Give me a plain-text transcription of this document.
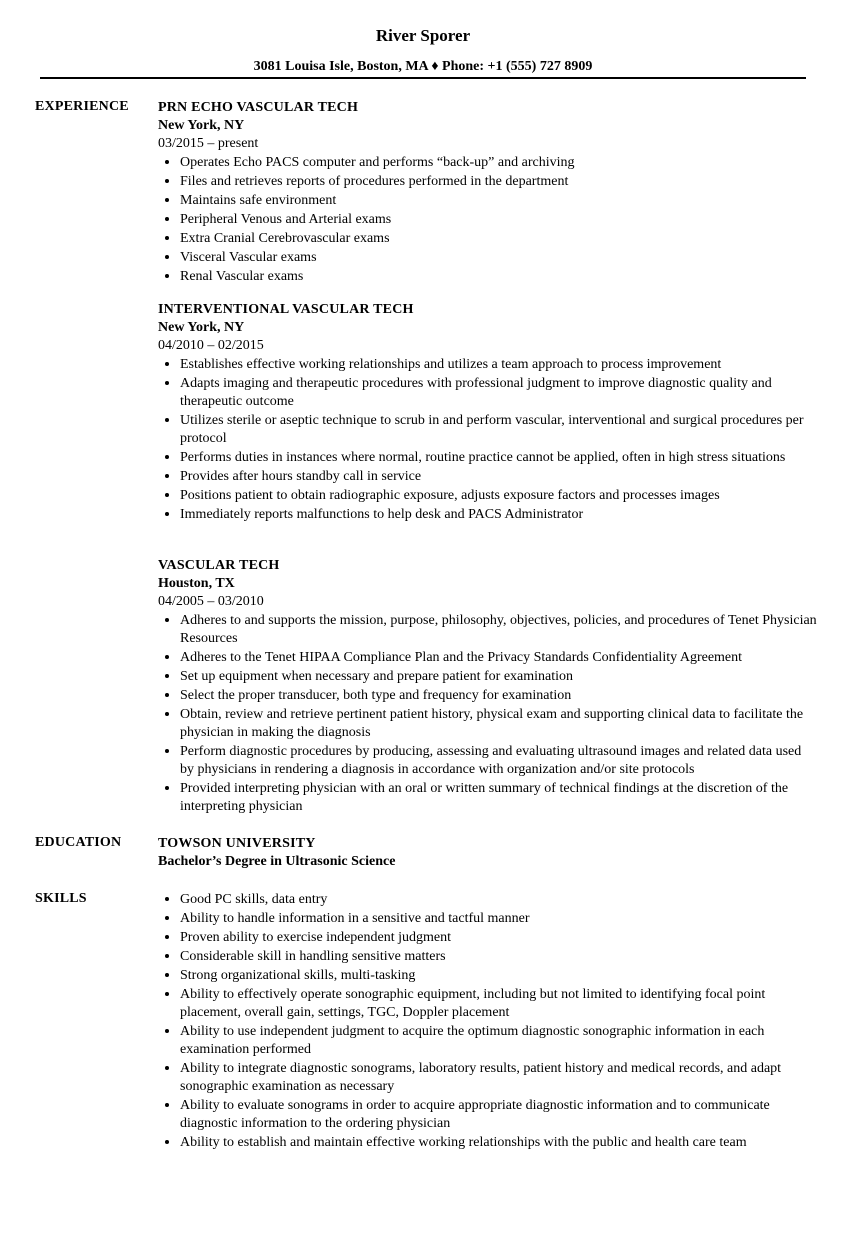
River Sporer
3081 Louisa Isle, Boston, MA ♦ Phone: +1 (555) 727 8909
EXPERIENCE PRN ECHO VASCULAR TECH
New York, NY
03/2015 – present
• Operates Echo PACS computer and performs “back-up” and archiving
• Files and retrieves reports of procedures performed in the department
• Maintains safe environment
• Peripheral Venous and Arterial exams
• Extra Cranial Cerebrovascular exams
• Visceral Vascular exams
• Renal Vascular exams
INTERVENTIONAL VASCULAR TECH
New York, NY
04/2010 – 02/2015
• Establishes effective working relationships and utilizes a team approach to process improvement
• Adapts imaging and therapeutic procedures with professional judgment to improve diagnostic quality and therapeutic outcome
• Utilizes sterile or aseptic technique to scrub in and perform vascular, interventional and surgical procedures per protocol
• Performs duties in instances where normal, routine practice cannot be applied, often in high stress situations
• Provides after hours standby call in service
• Positions patient to obtain radiographic exposure, adjusts exposure factors and processes images
• Immediately reports malfunctions to help desk and PACS Administrator
VASCULAR TECH
Houston, TX
04/2005 – 03/2010
• Adheres to and supports the mission, purpose, philosophy, objectives, policies, and procedures of Tenet Physician Resources
• Adheres to the Tenet HIPAA Compliance Plan and the Privacy Standards Confidentiality Agreement
• Set up equipment when necessary and prepare patient for examination
• Select the proper transducer, both type and frequency for examination
• Obtain, review and retrieve pertinent patient history, physical exam and supporting clinical data to facilitate the physician in making the diagnosis
• Perform diagnostic procedures by producing, assessing and evaluating ultrasound images and related data used by physicians in rendering a diagnosis in accordance with organization and/or site protocols
• Provided interpreting physician with an oral or written summary of technical findings at the discretion of the interpreting physician
EDUCATION	TOWSON UNIVERSITY
Bachelor’s Degree in Ultrasonic Science
SKILLS
•	Good PC skills, data entry
• Ability to handle information in a sensitive and tactful manner
• Proven ability to exercise independent judgment
• Considerable skill in handling sensitive matters
• Strong organizational skills, multi-tasking
• Ability to effectively operate sonographic equipment, including but not limited to identifying focal point placement, overall gain, settings, TGC, Doppler placement
• Ability to use independent judgment to acquire the optimum diagnostic sonographic information in each examination performed
• Ability to integrate diagnostic sonograms, laboratory results, patient history and medical records, and adapt sonographic examination as necessary
• Ability to evaluate sonograms in order to acquire appropriate diagnostic information and to communicate diagnostic information to the ordering physician
• Ability to establish and maintain effective working relationships with the public and health care team
